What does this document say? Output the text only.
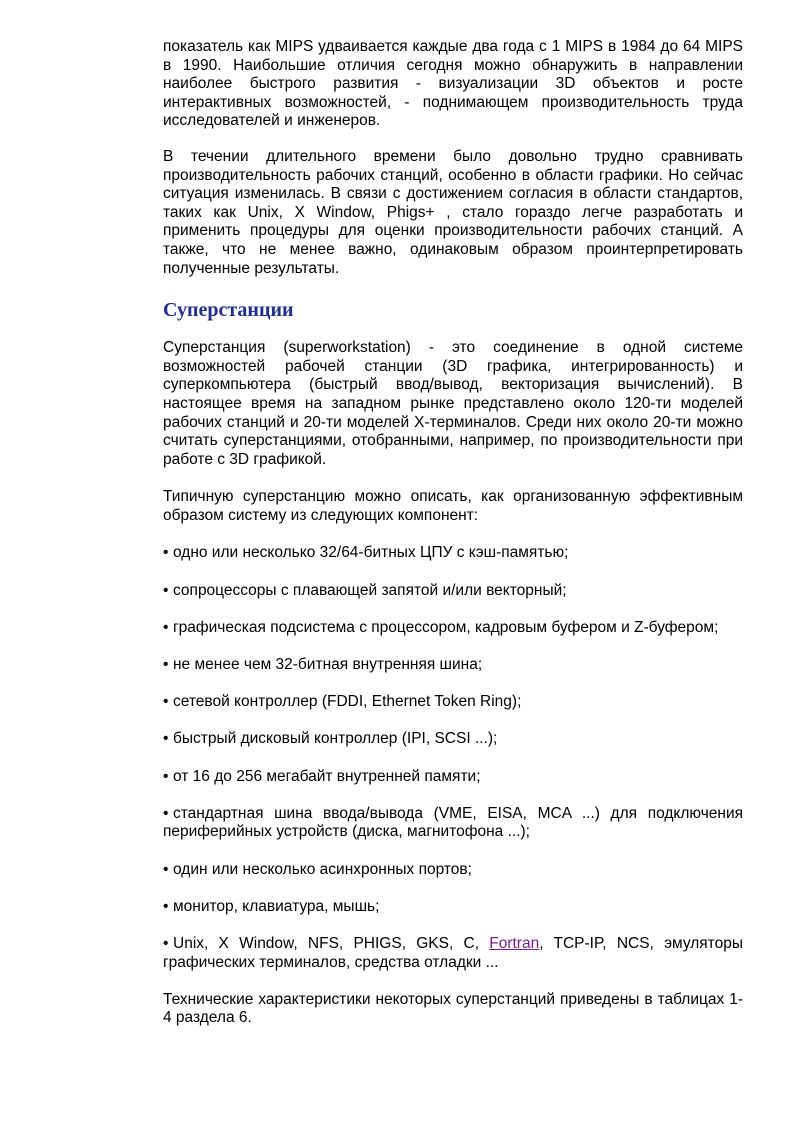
показатель как MIPS удваивается каждые два года с 1 MIPS в 1984 до 64 MIPS в 1990. Наибольшие отличия сегодня можно обнаружить в направлении наиболее быстрого развития - визуализации 3D объектов и росте интерактивных возможностей, - поднимающем производительность труда исследователей и инженеров.

В течении длительного времени было довольно трудно сравнивать производительность рабочих станций, особенно в области графики. Но сейчас ситуация изменилась. В связи с достижением согласия в области стандартов, таких как Unix, X Window, Phigs+ , стало гораздо легче разработать и применить процедуры для оценки производительности рабочих станций. А также, что не менее важно, одинаковым образом проинтерпретировать полученные результаты.

Суперстанции

Суперстанция (superworkstation) - это соединение в одной системе возможностей рабочей станции (3D графика, интегрированность) и суперкомпьютера (быстрый ввод/вывод, векторизация вычислений). В настоящее время на западном рынке представлено около 120-ти моделей рабочих станций и 20-ти моделей X-терминалов. Среди них около 20-ти можно считать суперстанциями, отобранными, например, по производительности при работе с 3D графикой.

Типичную суперстанцию можно описать, как организованную эффективным образом систему из следующих компонент:

• одно или несколько 32/64-битных ЦПУ с кэш-памятью;
• сопроцессоры с плавающей запятой и/или векторный;
• графическая подсистема с процессором, кадровым буфером и Z-буфером;
• не менее чем 32-битная внутренняя шина;
• сетевой контроллер (FDDI, Ethernet Token Ring);
• быстрый дисковый контроллер (IPI, SCSI ...);
• от 16 до 256 мегабайт внутренней памяти;
• стандартная шина ввода/вывода (VME, EISA, MCA ...) для подключения периферийных устройств (диска, магнитофона ...);
• один или несколько асинхронных портов;
• монитор, клавиатура, мышь;
• Unix, X Window, NFS, PHIGS, GKS, C, Fortran, TCP-IP, NCS, эмуляторы графических терминалов, средства отладки ...

Технические характеристики некоторых суперстанций приведены в таблицах 1-4 раздела 6.
